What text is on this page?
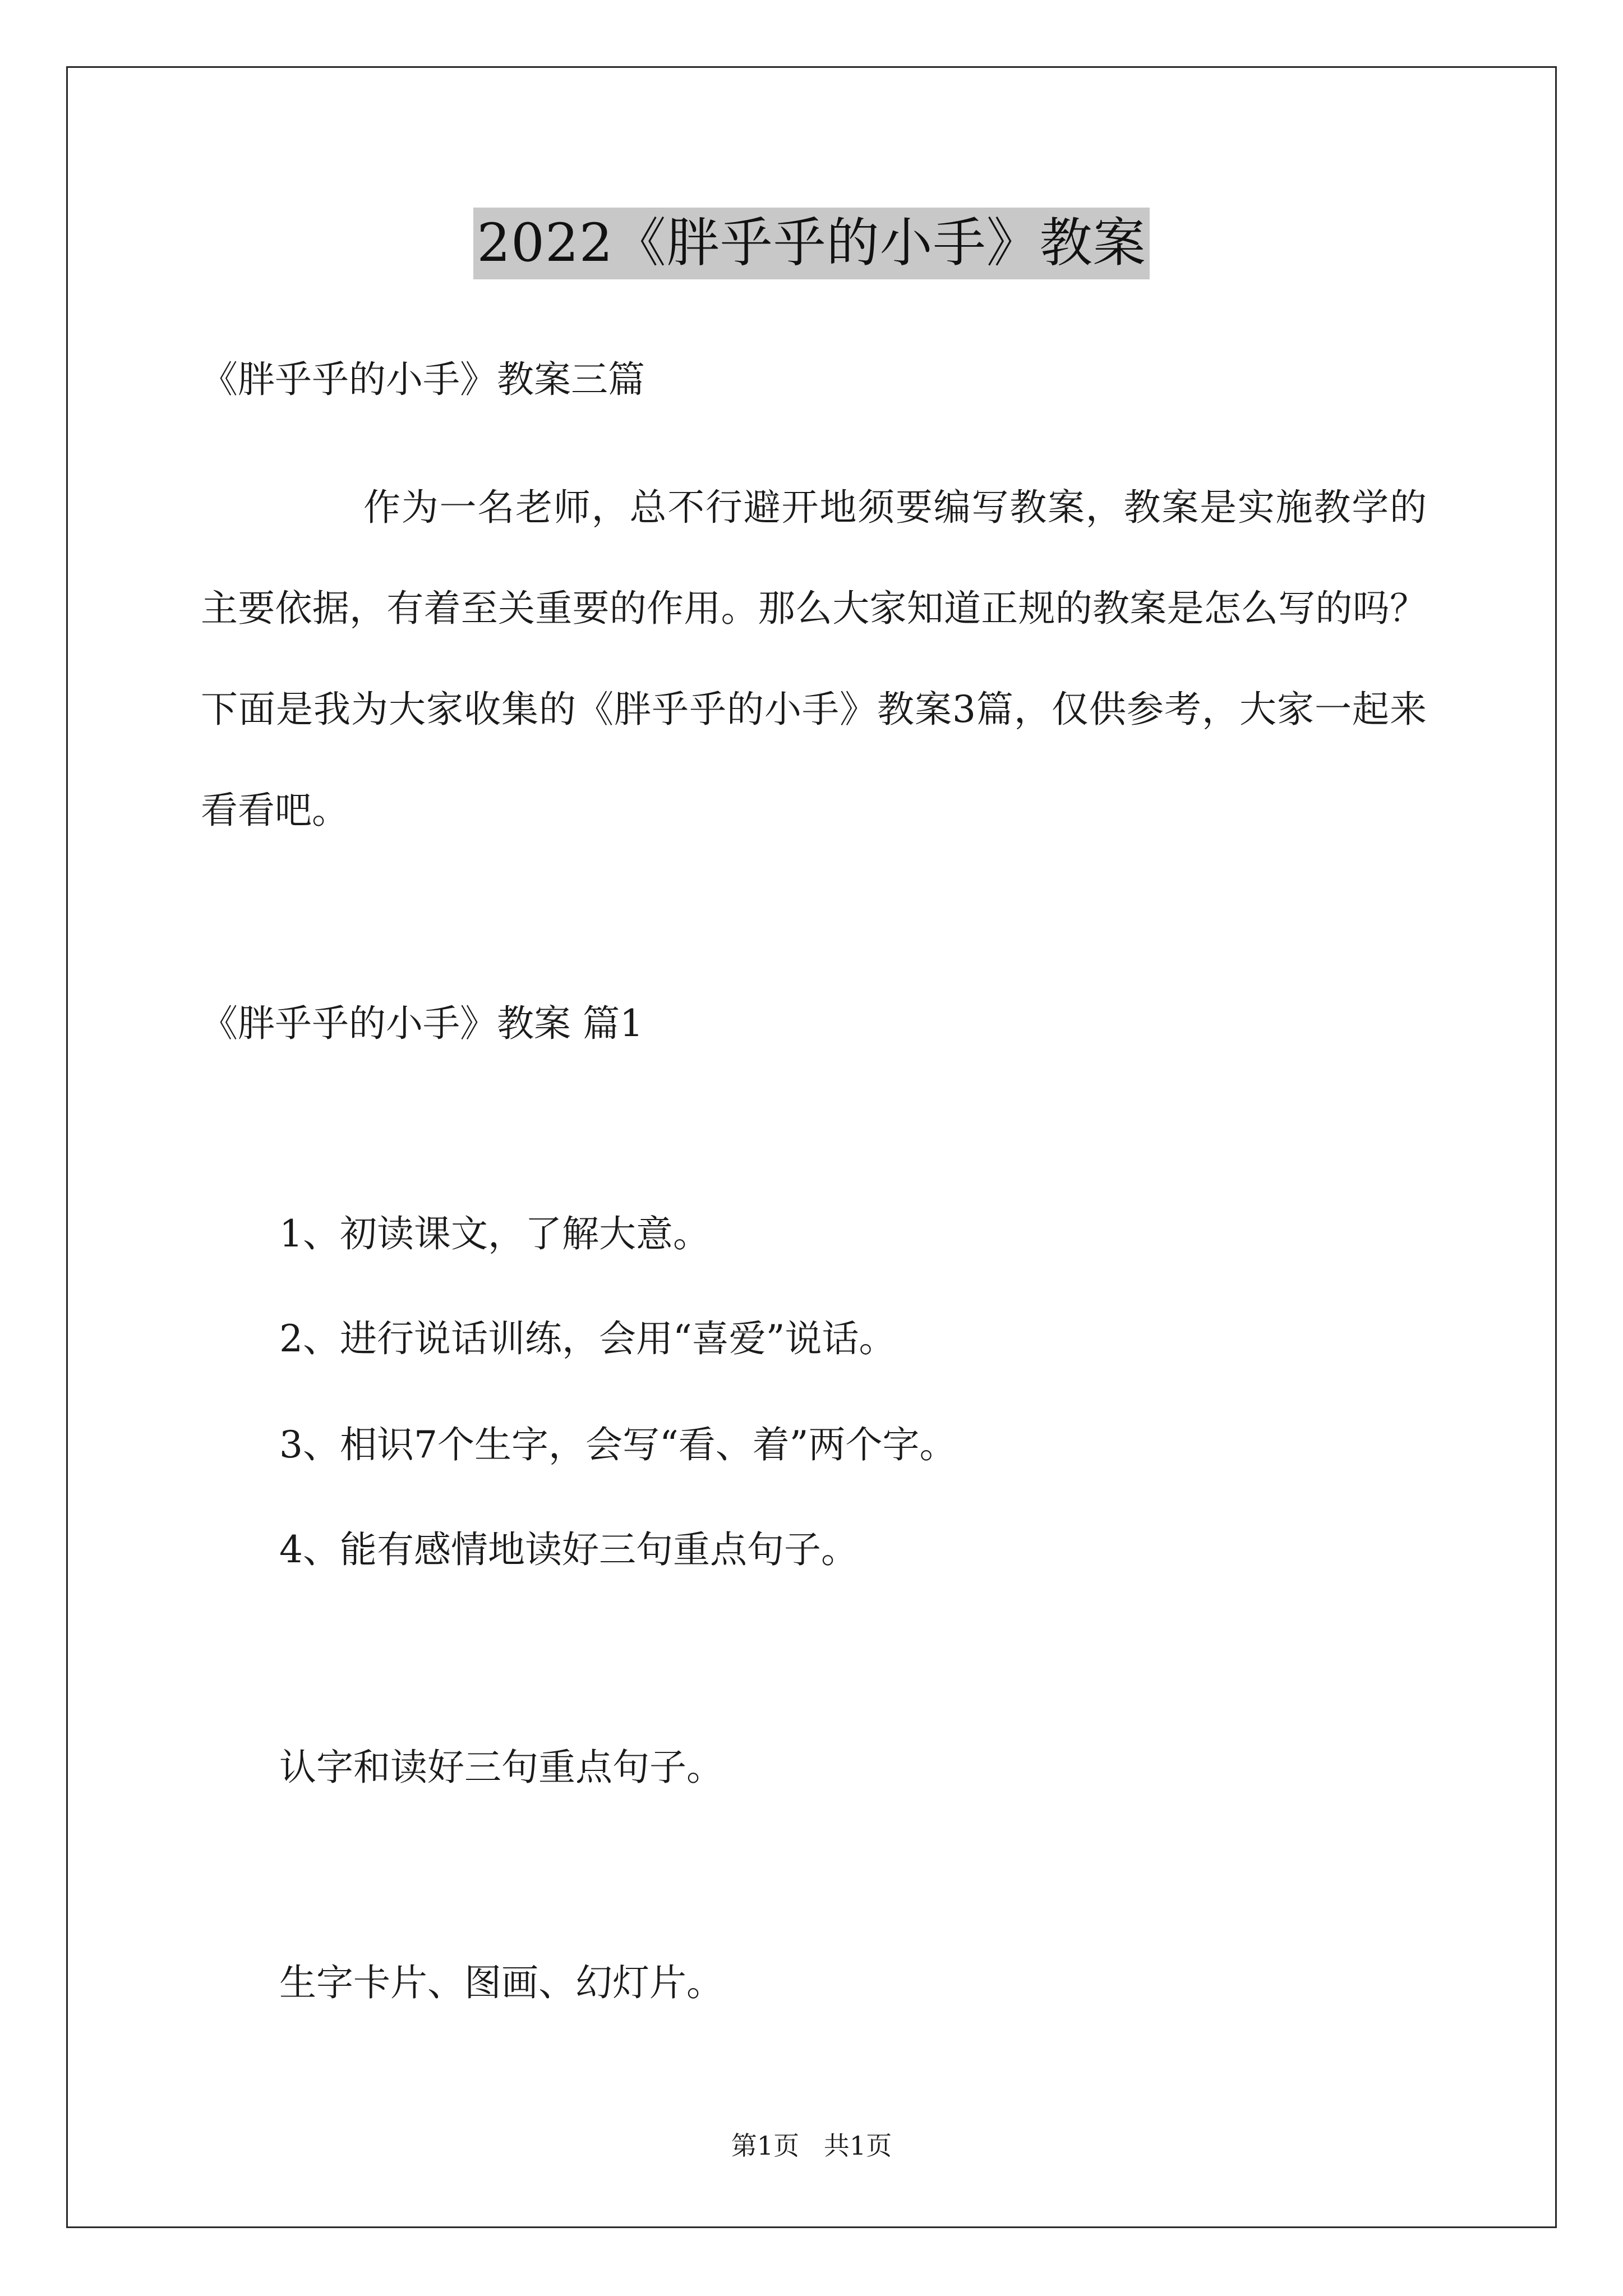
2022《胖乎乎的小手》教案
《胖乎乎的小手》教案三篇

作为一名老师，总不行避开地须要编写教案，教案是实施教学的主要依据，有着至关重要的作用。那么大家知道正规的教案是怎么写的吗？下面是我为大家收集的《胖乎乎的小手》教案3篇，仅供参考，大家一起来看看吧。

《胖乎乎的小手》教案 篇1
1、初读课文，了解大意。
2、进行说话训练，会用“喜爱”说话。
3、相识7个生字，会写“看、着”两个字。
4、能有感情地读好三句重点句子。
认字和读好三句重点句子。
生字卡片、图画、幻灯片。
第1页   共1页
